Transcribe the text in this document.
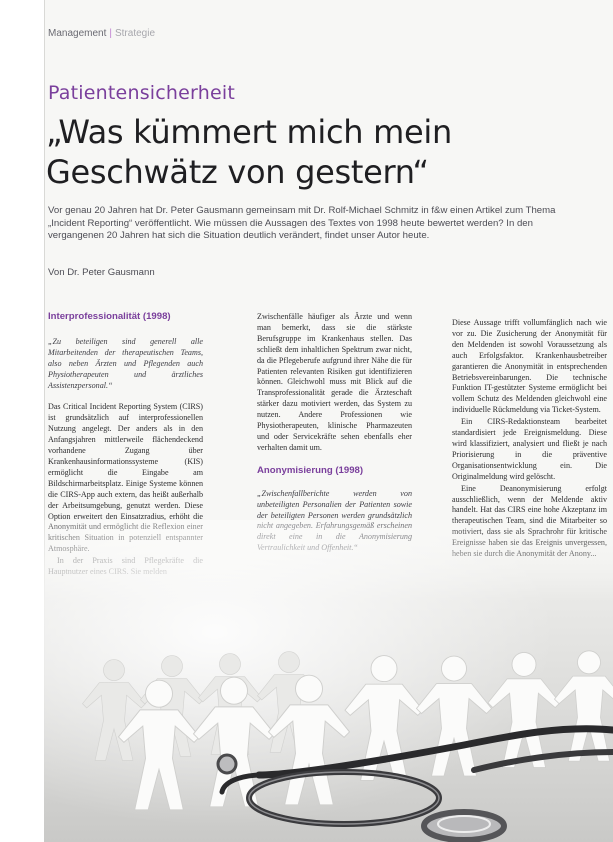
Management | Strategie
Patientensicherheit
„Was kümmert mich mein Geschwätz von gestern“
Vor genau 20 Jahren hat Dr. Peter Gausmann gemeinsam mit Dr. Rolf-Michael Schmitz in f&w einen Artikel zum Thema „Incident Reporting“ veröffentlicht. Wie müssen die Aussagen des Textes von 1998 heute bewertet werden? In den vergangenen 20 Jahren hat sich die Situation deutlich verändert, findet unser Autor heute.
Von Dr. Peter Gausmann
Interprofessionalität (1998)

„Zu beteiligen sind generell alle Mitarbeitenden der therapeutischen Teams, also neben Ärzten und Pflegenden auch Physiotherapeuten und ärztliches Assistenzpersonal.“

Das Critical Incident Reporting System (CIRS) ist grundsätzlich auf interprofessionellen Nutzung angelegt. Der anders als in den Anfangsjahren mittlerweile flächendeckend vorhandene Zugang über Krankenhausinformationssysteme (KIS) ermöglicht die Eingabe am Bildschirmarbeitsplatz. Einige Systeme können die CIRS-App auch extern, das heißt außerhalb der Arbeitsumgebung, genutzt werden. Diese Option erweitert den Einsatzradius, erhöht die

Zwischenfälle häufiger als Ärzte und wenn man bemerkt, dass sie die stärkste Berufsgruppe im Krankenhaus stellen. Das schließt dem inhaltlichen Spektrum zwar nicht, da die Pflegeberufe aufgrund ihrer Nähe die für Patienten relevanten Risiken gut identifizieren können. Gleichwohl muss mit Blick auf die Transprofessionalität gerade die Ärzteschaft stärker dazu motiviert werden, das System zu nutzen. Andere Professionen wie Physiotherapeuten, klinische Pharmazeuten und oder Servicekräfte sehen ebenfalls eher verhalten damit um.

Anonymisierung (1998)

„Zwischenfallberichte werden von unbeteiligten Personalien der Patienten sowie der beteiligten Personen werden grundsätzlich

Diese Aussage trifft vollumfänglich nach wie vor zu. Die Zusicherung der Anonymität für den Meldenden ist sowohl Voraussetzung als auch Erfolgsfaktor. Krankenhausbetreiber garantieren die Anonymität in entsprechenden Betriebsvereinbarungen. Die technische Funktion IT-gestützter Systeme ermöglicht bei vollem Schutz des Meldenden gleichwohl eine individuelle Rückmeldung via Ticket-System.

Ein CIRS-Redaktionsteam bearbeitet standardisiert jede Ereignismeldung. Diese wird klassifiziert, analysiert und fließt je nach Priorisierung in die präventive Organisationsentwicklung ein. Die Originalmeldung wird gelöscht.

Eine Deanonymisierung erfolgt ausschließlich, wenn der Meldende aktiv handelt. Hat das CIRS eine hohe Akzeptanz im
